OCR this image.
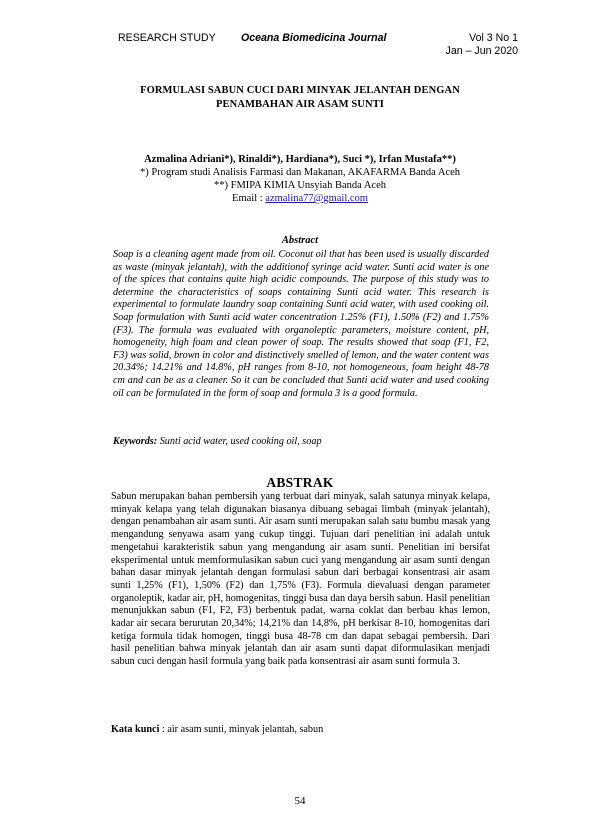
RESEARCH STUDY Oceana Biomedicina Journal	Vol 3 No 1
Jan – Jun 2020
FORMULASI SABUN CUCI DARI MINYAK JELANTAH DENGAN PENAMBAHAN AIR ASAM SUNTI
Azmalina Adriani*), Rinaldi*), Hardiana*), Suci *), Irfan Mustafa**)
*) Program studi Analisis Farmasi dan Makanan, AKAFARMA Banda Aceh
**) FMIPA KIMIA Unsyiah Banda Aceh
Email : azmalina77@gmail.com
Abstract

Soap is a cleaning agent made from oil. Coconut oil that has been used is usually discarded as waste (minyak jelantah), with the additionof syringe acid water. Sunti acid water is one of the spices that contains quite high acidic compounds. The purpose of this study was to determine the characteristics of soaps containing Sunti acid water. This research is experimental to formulate laundry soap containing Sunti acid water, with used cooking oil. Soap formulation with Sunti acid water concentration 1.25% (F1), 1.50% (F2) and 1.75% (F3). The formula was evaluated with organoleptic parameters, moisture content, pH, homogeneity, high foam and clean power of soap. The results showed that soap (F1, F2, F3) was solid, brown in color and distinctively smelled of lemon, and the water content was 20.34%; 14.21% and 14.8%, pH ranges from 8-10, not homogeneous, foam height 48-78 cm and can be as a cleaner. So it can be concluded that Sunti acid water and used cooking oil can be formulated in the form of soap and formula 3 is a good formula.

Keywords: Sunti acid water, used cooking oil, soap
ABSTRAK

Sabun merupakan bahan pembersih yang terbuat dari minyak, salah satunya minyak kelapa, minyak kelapa yang telah digunakan biasanya dibuang sebagai limbah (minyak jelantah), dengan penambahan air asam sunti. Air asam sunti merupakan salah satu bumbu masak yang mengandung senyawa asam yang cukup tinggi. Tujuan dari penelitian ini adalah untuk mengetahui karakteristik sabun yang mengandung air asam sunti. Penelitian ini bersifat eksperimental untuk memformulasikan sabun cuci yang mengandung air asam sunti dengan bahan dasar minyak jelantah dengan formulasi sabun dari berbagai konsentrasi air asam sunti 1,25% (F1), 1,50% (F2) dan 1,75% (F3). Formula dievaluasi dengan parameter organoleptik, kadar air, pH, homogenitas, tinggi busa dan daya bersih sabun. Hasil penelitian menunjukkan sabun (F1, F2, F3) berbentuk padat, warna coklat dan berbau khas lemon, kadar air secara berurutan 20,34%; 14,21% dan 14,8%, pH berkisar 8-10, homogenitas dari ketiga formula tidak homogen, tinggi busa 48-78 cm dan dapat sebagai pembersih. Dari hasil penelitian bahwa minyak jelantah dan air asam sunti dapat diformulasikan menjadi sabun cuci dengan hasil formula yang baik pada konsentrasi air asam sunti formula 3.

Kata kunci : air asam sunti, minyak jelantah, sabun
54
